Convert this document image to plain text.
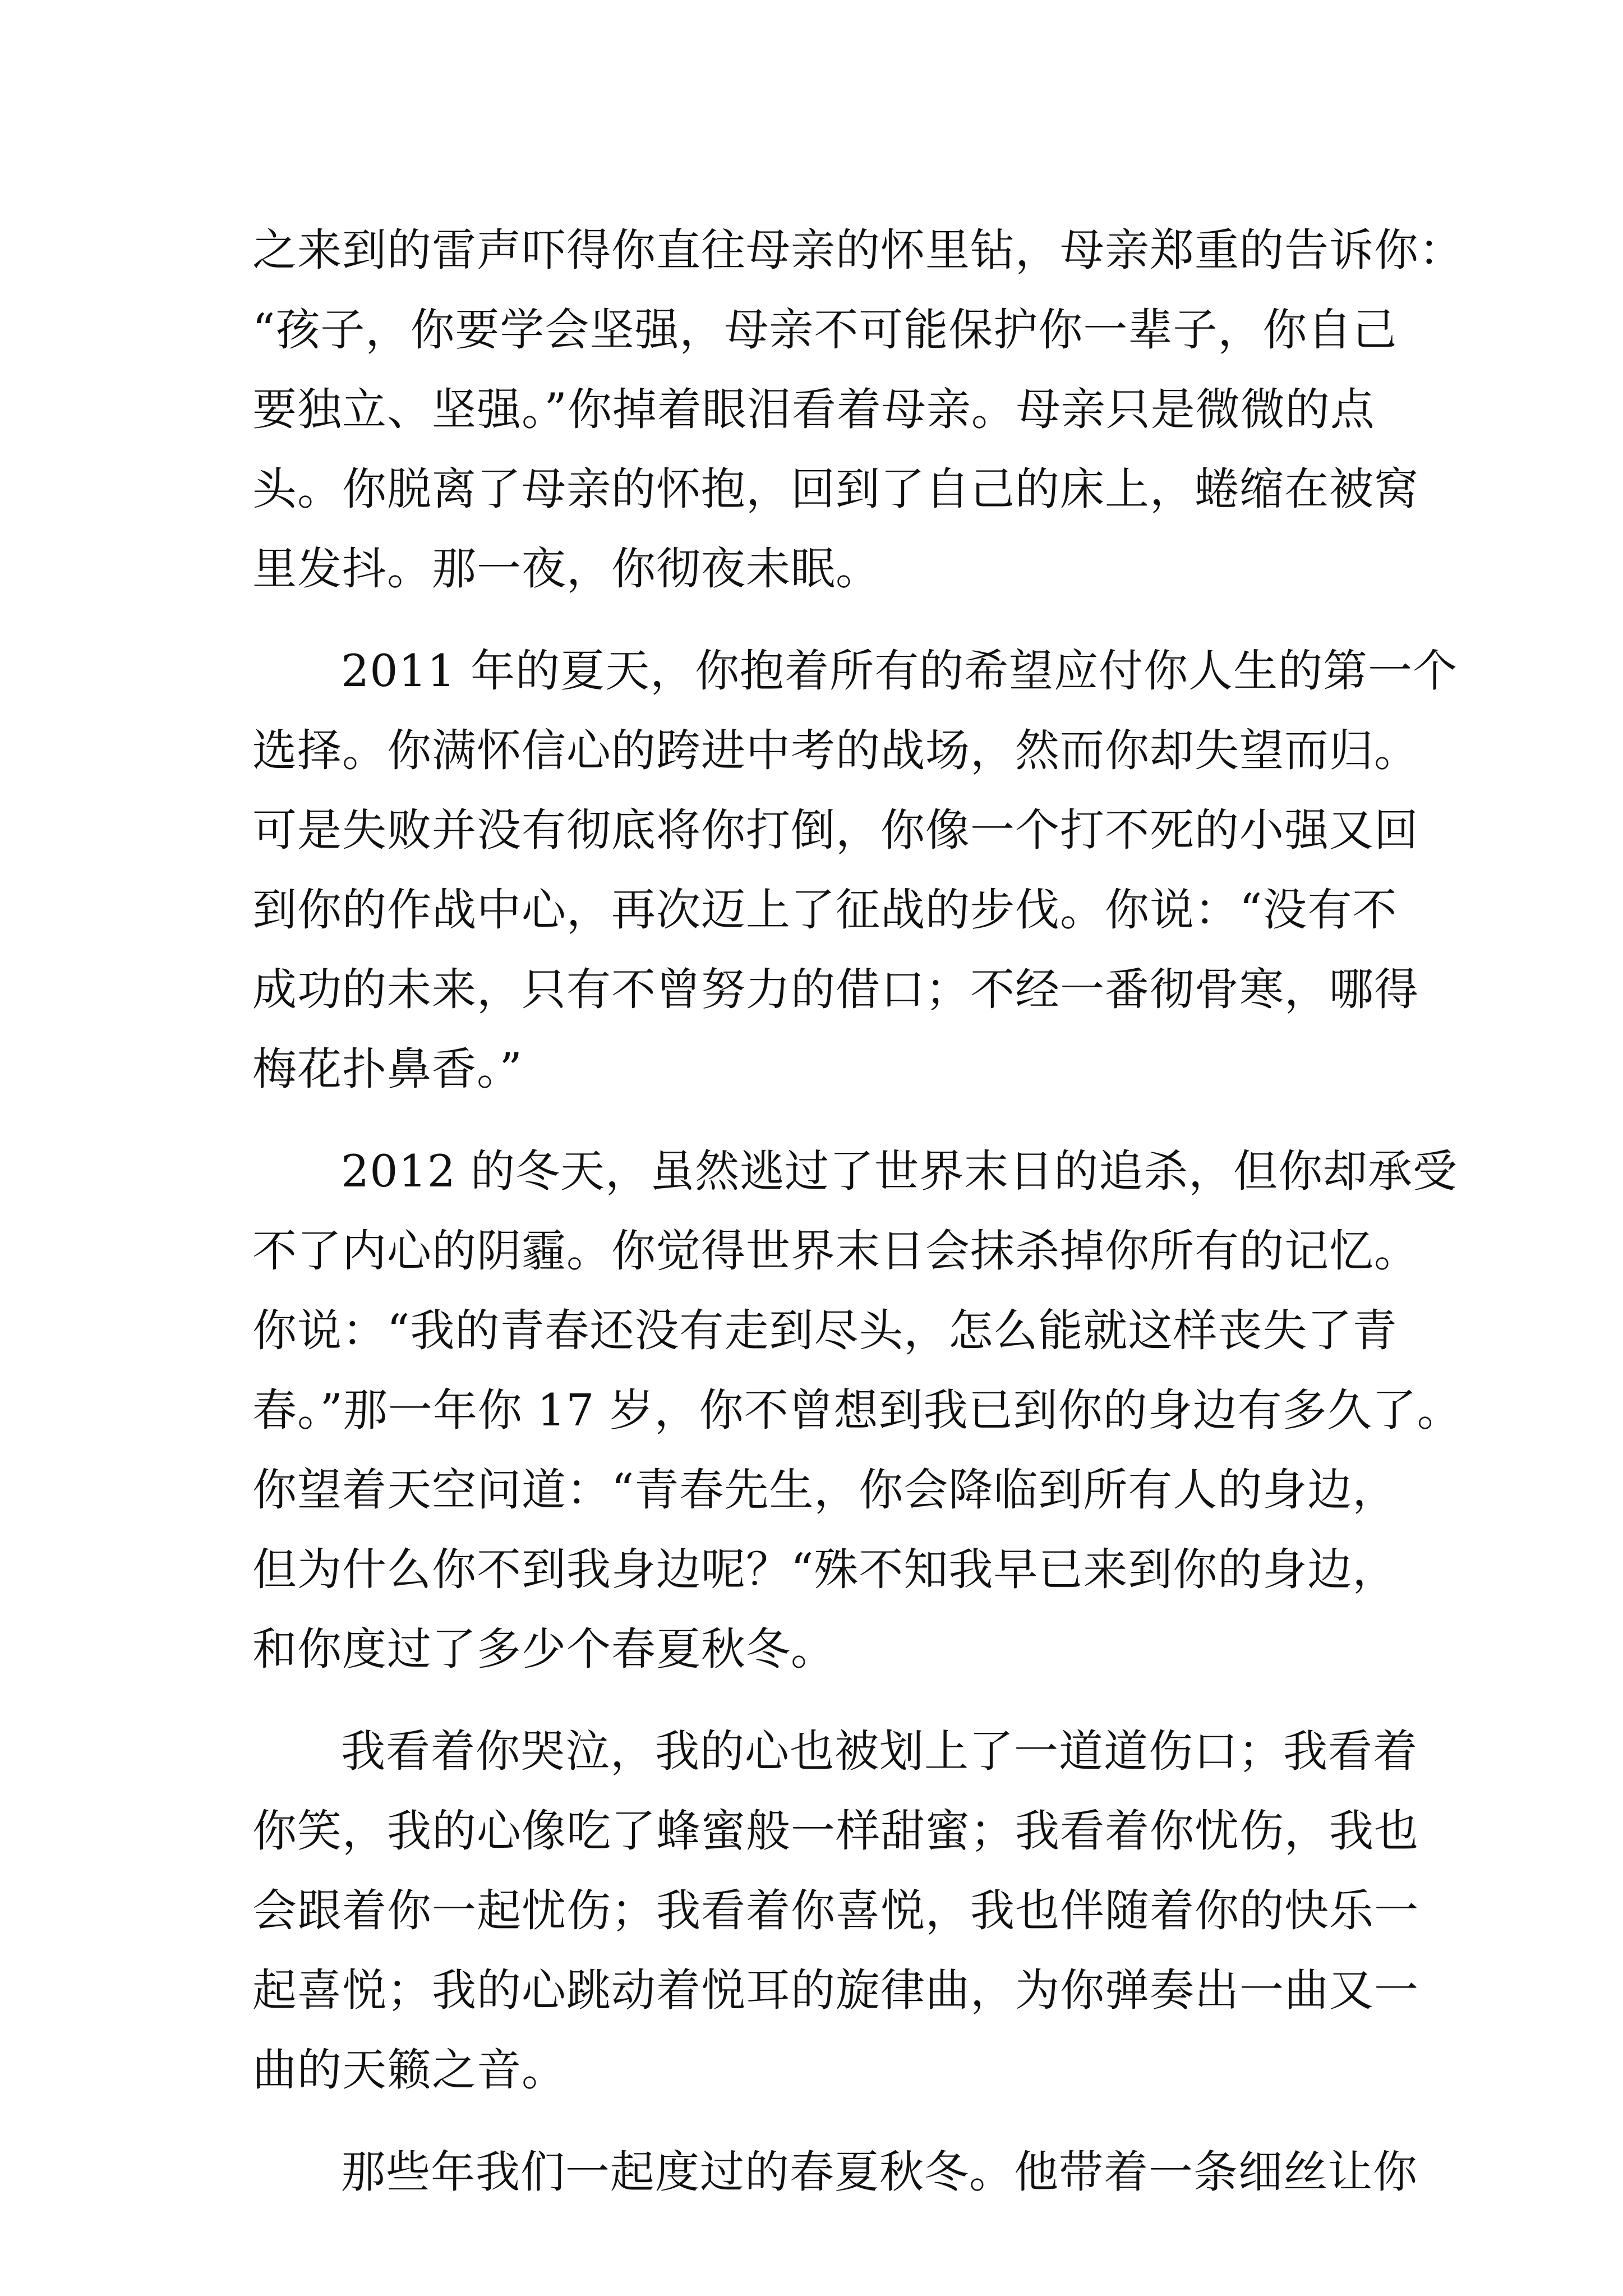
之来到的雷声吓得你直往母亲的怀里钻，母亲郑重的告诉你：
“孩子，你要学会坚强，母亲不可能保护你一辈子，你自己
要独立、坚强。”你掉着眼泪看着母亲。母亲只是微微的点
头。你脱离了母亲的怀抱，回到了自己的床上，蜷缩在被窝
里发抖。那一夜，你彻夜未眠。
2011 年的夏天，你抱着所有的希望应付你人生的第一个
选择。你满怀信心的跨进中考的战场，然而你却失望而归。
可是失败并没有彻底将你打倒，你像一个打不死的小强又回
到你的作战中心，再次迈上了征战的步伐。你说：“没有不
成功的未来，只有不曾努力的借口；不经一番彻骨寒，哪得
梅花扑鼻香。”
2012 的冬天，虽然逃过了世界末日的追杀，但你却承受
不了内心的阴霾。你觉得世界末日会抹杀掉你所有的记忆。
你说：“我的青春还没有走到尽头，怎么能就这样丧失了青
春。”那一年你 17 岁，你不曾想到我已到你的身边有多久了。
你望着天空问道：“青春先生，你会降临到所有人的身边，
但为什么你不到我身边呢？“殊不知我早已来到你的身边，
和你度过了多少个春夏秋冬。
我看着你哭泣，我的心也被划上了一道道伤口；我看着
你笑，我的心像吃了蜂蜜般一样甜蜜；我看着你忧伤，我也
会跟着你一起忧伤；我看着你喜悦，我也伴随着你的快乐一
起喜悦；我的心跳动着悦耳的旋律曲，为你弹奏出一曲又一
曲的天籁之音。
那些年我们一起度过的春夏秋冬。他带着一条细丝让你
